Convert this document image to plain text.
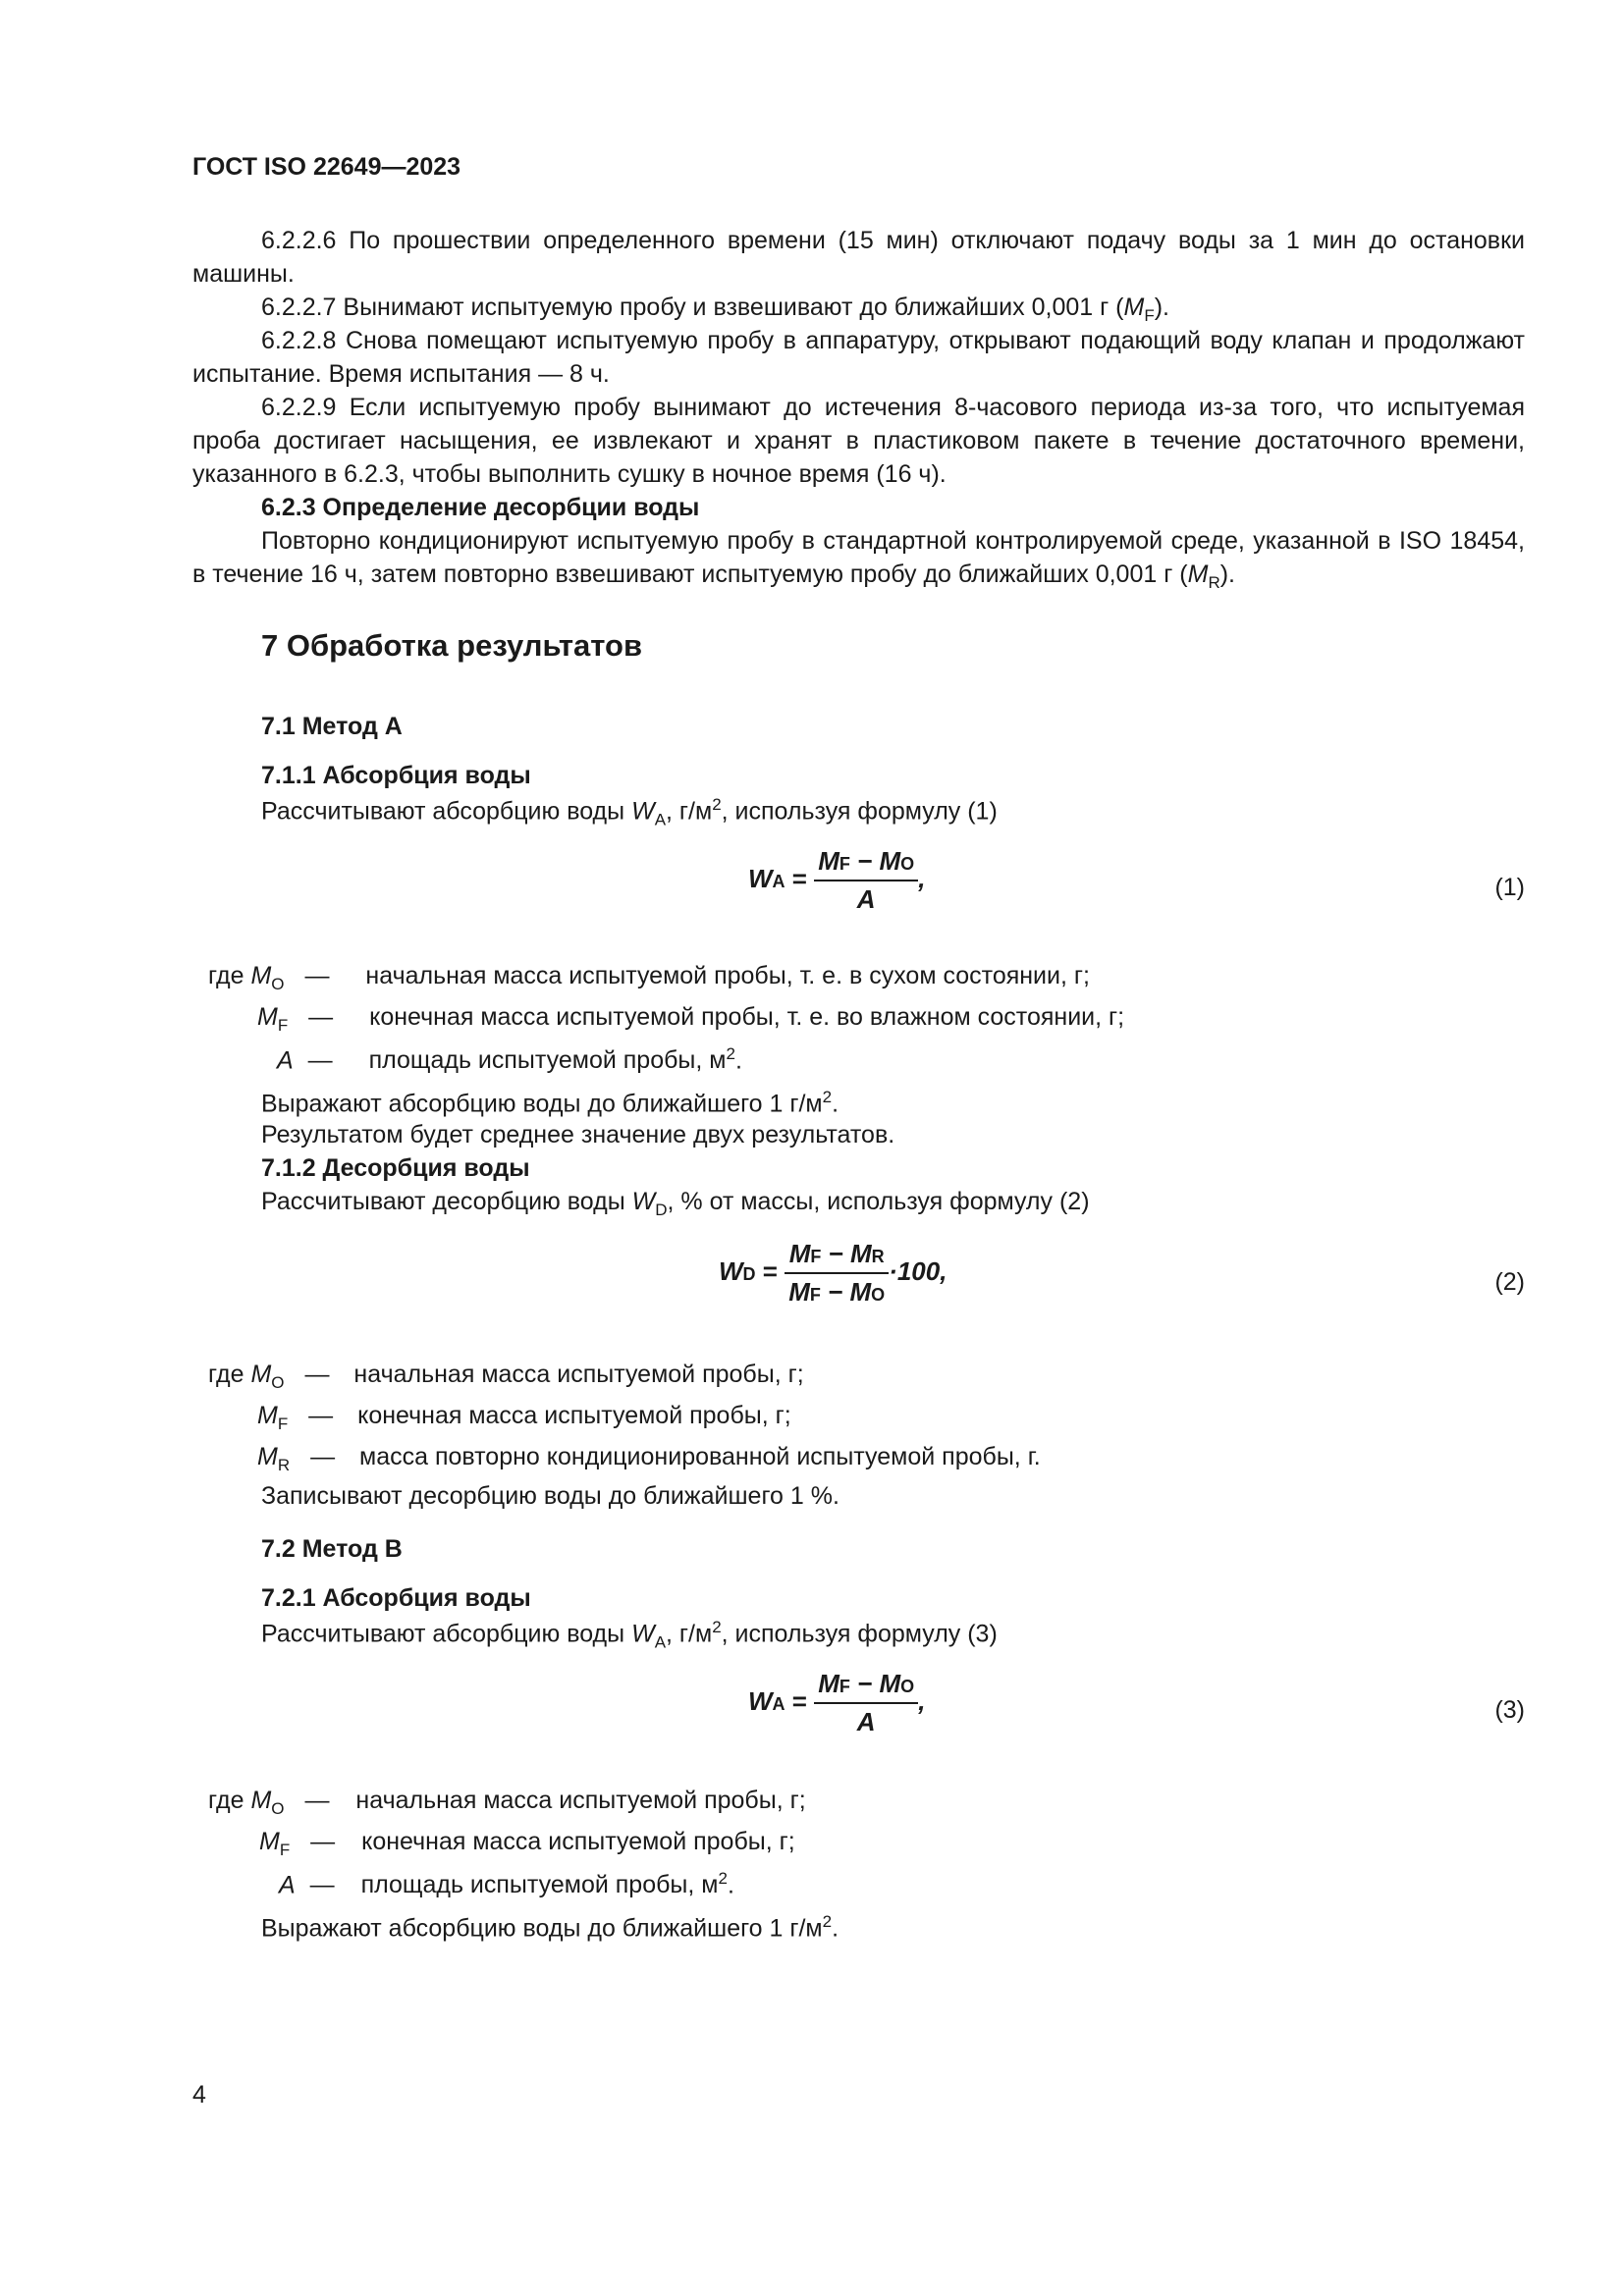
ГОСТ ISO 22649—2023
6.2.2.6 По прошествии определенного времени (15 мин) отключают подачу воды за 1 мин до остановки машины.
6.2.2.7 Вынимают испытуемую пробу и взвешивают до ближайших 0,001 г $(M_F)$.
6.2.2.8 Снова помещают испытуемую пробу в аппаратуру, открывают подающий воду клапан и продолжают испытание. Время испытания — 8 ч.
6.2.2.9 Если испытуемую пробу вынимают до истечения 8-часового периода из-за того, что испытуемая проба достигает насыщения, ее извлекают и хранят в пластиковом пакете в течение достаточного времени, указанного в 6.2.3, чтобы выполнить сушку в ночное время (16 ч).
6.2.3 Определение десорбции воды
Повторно кондиционируют испытуемую пробу в стандартной контролируемой среде, указанной в ISO 18454, в течение 16 ч, затем повторно взвешивают испытуемую пробу до ближайших 0,001 г $(M_R)$.
7 Обработка результатов
7.1 Метод А
7.1.1 Абсорбция воды
Рассчитывают абсорбцию воды $W_A$, $г/м^2$, используя формулу (1)
WA = $\frac{MF - MO}{A}$ ,	(1)
где $M_O$ — начальная масса испытуемой пробы, т. е. в сухом состоянии, г;
$M_F$ — конечная масса испытуемой пробы, т. е. во влажном состоянии, г;
A — площадь испытуемой пробы, $м^2$.
Выражают абсорбцию воды до ближайшего 1 $г/м^2$.
Результатом будет среднее значение двух результатов.
7.1.2 Десорбция воды
Рассчитывают десорбцию воды $W_D$, % от массы, используя формулу (2)
WD = $\frac{MF - MR}{MF - MO} \cdot 100$,	(2)
где $M_O$ — начальная масса испытуемой пробы, г;
$M_F$ — конечная масса испытуемой пробы, г;
$M_R$ — масса повторно кондиционированной испытуемой пробы, г.
Записывают десорбцию воды до ближайшего 1 %.
7.2 Метод В
7.2.1 Абсорбция воды
Рассчитывают абсорбцию воды $W_A$, $г/м^2$, используя формулу (3)
WA = $\frac{MF - MO}{A}$ ,	(3)
где $M_O$ — начальная масса испытуемой пробы, г;
$M_F$ — конечная масса испытуемой пробы, г;
A — площадь испытуемой пробы, $м^2$.
Выражают абсорбцию воды до ближайшего 1 $г/м^2$.
4
